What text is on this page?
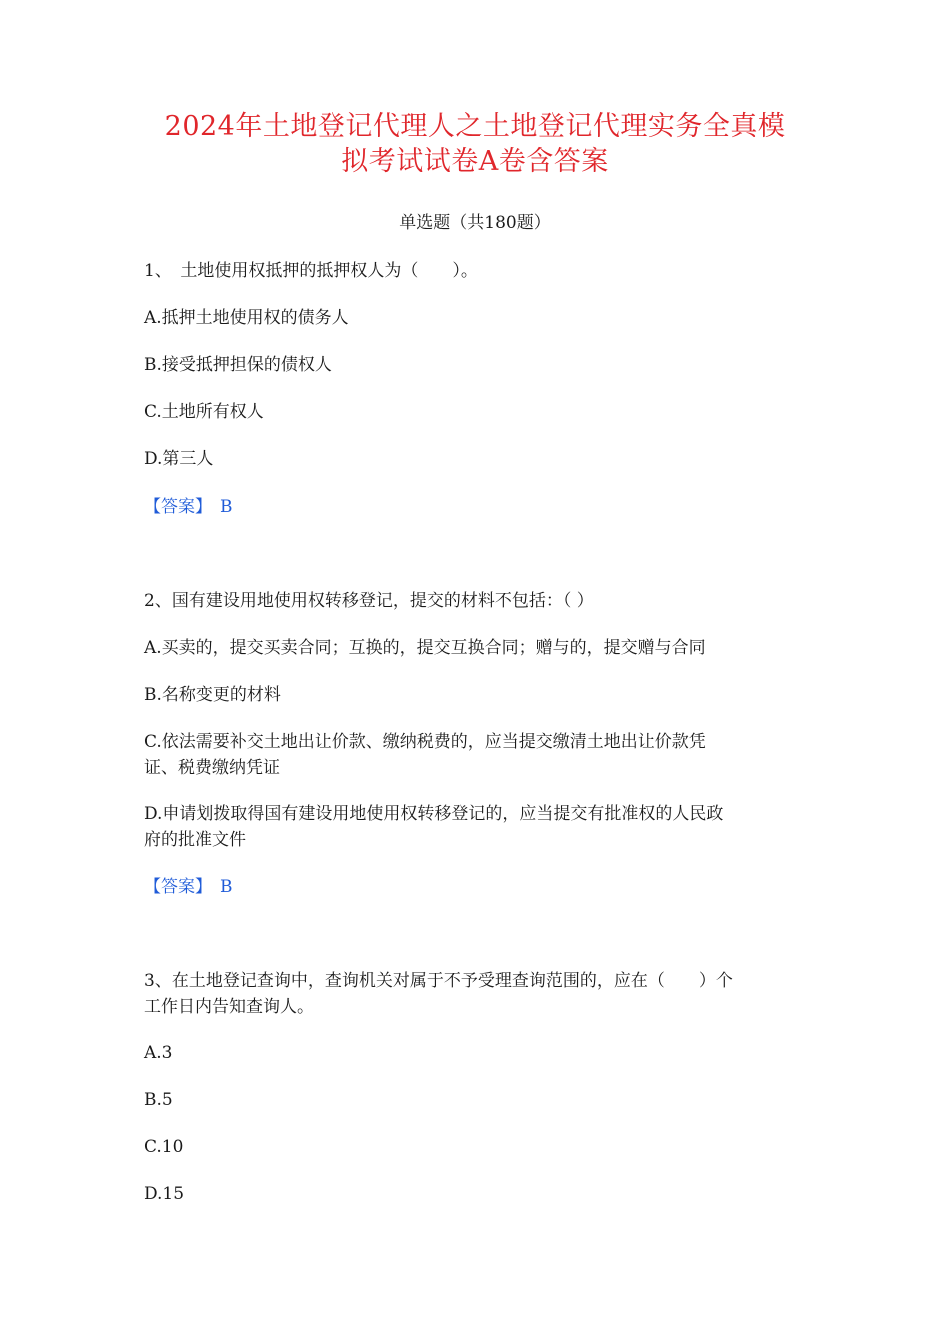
2024年土地登记代理人之土地登记代理实务全真模
拟考试试卷A卷含答案
单选题（共180题）
1、　土地使用权抵押的抵押权人为（　　）。
A.抵押土地使用权的债务人
B.接受抵押担保的债权人
C.土地所有权人
D.第三人
【答案】 B
2、国有建设用地使用权转移登记，提交的材料不包括：（ ）
A.买卖的，提交买卖合同；互换的，提交互换合同；赠与的，提交赠与合同
B.名称变更的材料
C.依法需要补交土地出让价款、缴纳税费的，应当提交缴清土地出让价款凭
证、税费缴纳凭证
D.申请划拨取得国有建设用地使用权转移登记的，应当提交有批准权的人民政
府的批准文件
【答案】 B
3、在土地登记查询中，查询机关对属于不予受理查询范围的，应在（　　）个
工作日内告知查询人。
A.3
B.5
C.10
D.15
